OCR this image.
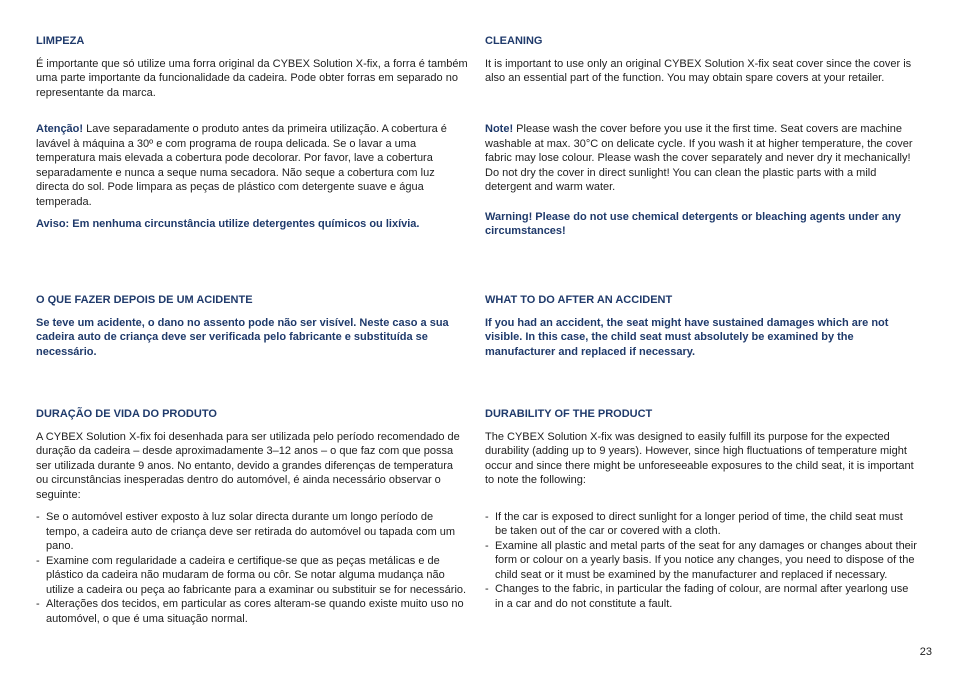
LIMPEZA

É importante que só utilize uma forra original da CYBEX Solution X-fix, a forra é também uma parte importante da funcionalidade da cadeira. Pode obter forras em separado no representante da marca.

Atenção! Lave separadamente o produto antes da primeira utilização. A cobertura é lavável à máquina a 30º e com programa de roupa delicada. Se o lavar a uma temperatura mais elevada a cobertura pode decolorar. Por favor, lave a cobertura separadamente e nunca a seque numa secadora. Não seque a cobertura com luz directa do sol. Pode limpara as peças de plástico com detergente suave e água temperada.

Aviso: Em nenhuma circunstância utilize detergentes químicos ou lixívia.

O QUE FAZER DEPOIS DE UM ACIDENTE

Se teve um acidente, o dano no assento pode não ser visível. Neste caso a sua cadeira auto de criança deve ser verificada pelo fabricante e substituída se necessário.

DURAÇÃO DE VIDA DO PRODUTO

A CYBEX Solution X-fix foi desenhada para ser utilizada pelo período recomendado de duração da cadeira – desde aproximadamente 3–12 anos – o que faz com que possa ser utilizada durante 9 anos. No entanto, devido a grandes diferenças de temperatura ou circunstâncias inesperadas dentro do automóvel, é ainda necessário observar o seguinte:

- Se o automóvel estiver exposto à luz solar directa durante um longo período de tempo, a cadeira auto de criança deve ser retirada do automóvel ou tapada com um pano.
- Examine com regularidade a cadeira e certifique-se que as peças metálicas e de plástico da cadeira não mudaram de forma ou côr. Se notar alguma mudança não utilize a cadeira ou peça ao fabricante para a examinar ou substituir se for necessário.
- Alterações dos tecidos, em particular as cores alteram-se quando existe muito uso no automóvel, o que é uma situação normal.

CLEANING

It is important to use only an original CYBEX Solution X-fix seat cover since the cover is also an essential part of the function. You may obtain spare covers at your retailer.

Note! Please wash the cover before you use it the first time. Seat covers are machine washable at max. 30°C on delicate cycle. If you wash it at higher temperature, the cover fabric may lose colour. Please wash the cover separately and never dry it mechanically! Do not dry the cover in direct sunlight! You can clean the plastic parts with a mild detergent and warm water.

Warning! Please do not use chemical detergents or bleaching agents under any circumstances!

WHAT TO DO AFTER AN ACCIDENT

If you had an accident, the seat might have sustained damages which are not visible. In this case, the child seat must absolutely be examined by the manufacturer and replaced if necessary.

DURABILITY OF THE PRODUCT

The CYBEX Solution X-fix was designed to easily fulfill its purpose for the expected durability (adding up to 9 years). However, since high fluctuations of temperature might occur and since there might be unforeseeable exposures to the child seat, it is important to note the following:

- If the car is exposed to direct sunlight for a longer period of time, the child seat must be taken out of the car or covered with a cloth.
- Examine all plastic and metal parts of the seat for any damages or changes about their form or colour on a yearly basis. If you notice any changes, you need to dispose of the child seat or it must be examined by the manufacturer and replaced if necessary.
- Changes to the fabric, in particular the fading of colour, are normal after yearlong use in a car and do not constitute a fault.
23
